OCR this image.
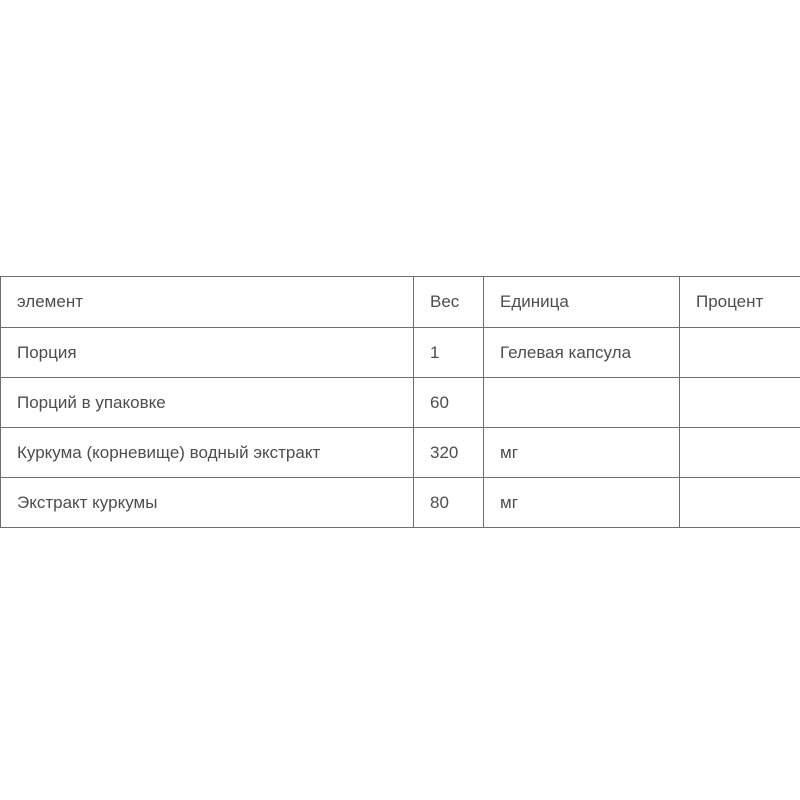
элемент	Вес	Единица	Процент
Порция	1	Гелевая капсула	
Порций в упаковке	60		
Куркума (корневище) водный экстракт	320	мг	
Экстракт куркумы	80	мг	
